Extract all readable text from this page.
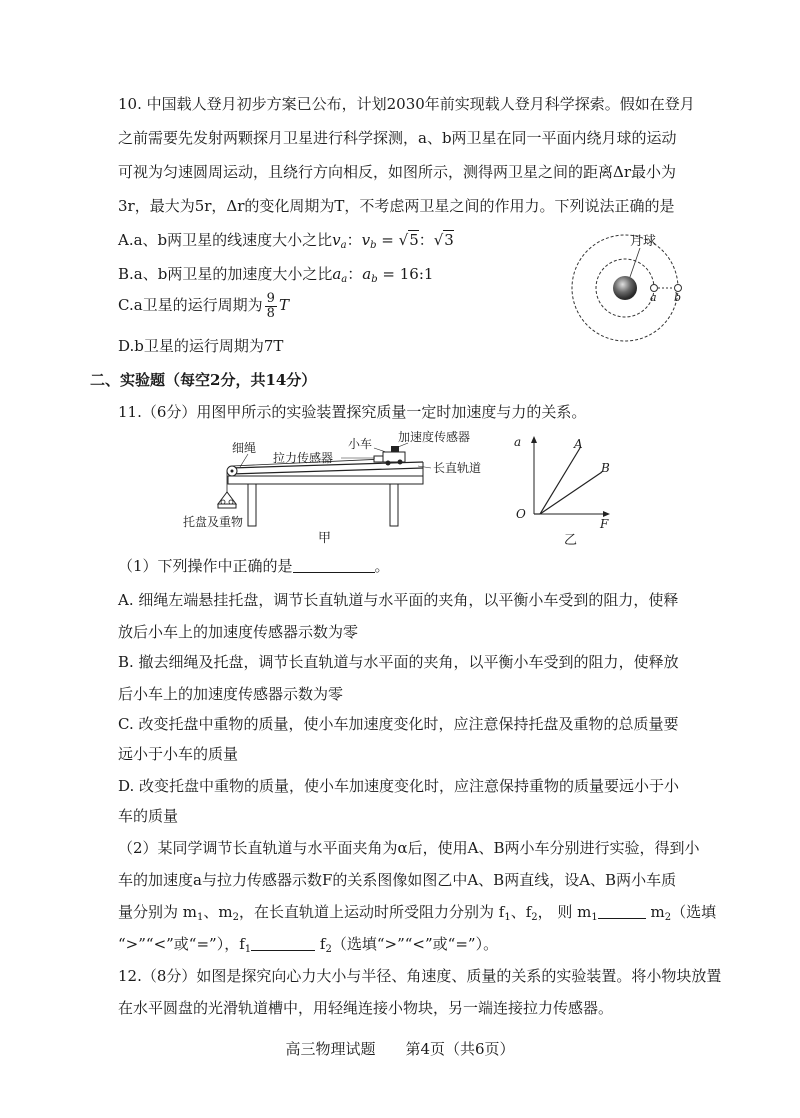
10. 中国载人登月初步方案已公布，计划2030年前实现载人登月科学探索。假如在登月
之前需要先发射两颗探月卫星进行科学探测，a、b两卫星在同一平面内绕月球的运动
可视为匀速圆周运动，且绕行方向相反，如图所示，测得两卫星之间的距离Δr最小为
3r，最大为5r，Δr的变化周期为T，不考虑两卫星之间的作用力。下列说法正确的是
A.a、b两卫星的线速度大小之比$v_a$：$v_b = √5$：√3
B.a、b两卫星的加速度大小之比$a_a$：$a_b$ = 16:1
C.a卫星的运行周期为 $\frac{9}{8}$ T
D.b卫星的运行周期为7T
月球
a b
二、实验题（每空2分，共14分）
11.（6分）用图甲所示的实验装置探究质量一定时加速度与力的关系。
细绳
拉力传感器
小车 加速度传感器
长直轨道
托盘及重物
甲
a
F
O
A
B
乙
（1）下列操作中正确的是	。
A. 细绳左端悬挂托盘，调节长直轨道与水平面的夹角，以平衡小车受到的阻力，使释
放后小车上的加速度传感器示数为零
B. 撤去细绳及托盘，调节长直轨道与水平面的夹角，以平衡小车受到的阻力，使释放
后小车上的加速度传感器示数为零
C. 改变托盘中重物的质量，使小车加速度变化时，应注意保持托盘及重物的总质量要
远小于小车的质量
D. 改变托盘中重物的质量，使小车加速度变化时，应注意保持重物的质量要远小于小
车的质量
（2）某同学调节长直轨道与水平面夹角为α后，使用A、B两小车分别进行实验，得到小
车的加速度a与拉力传感器示数F的关系图像如图乙中A、B两直线，设A、B两小车质
量分别为 $m_1$、$m_2$，在长直轨道上运动时所受阻力分别为 $f_1$、$f_2$， 则 $m_1$	$m_2$（选填
“>”“<”或“=”），$f_1$	$f_2$（选填“>”“<”或“=”）。
12.（8分）如图是探究向心力大小与半径、角速度、质量的关系的实验装置。将小物块放置
在水平圆盘的光滑轨道槽中，用轻绳连接小物块，另一端连接拉力传感器。
高三物理试题　　第4页（共6页）
